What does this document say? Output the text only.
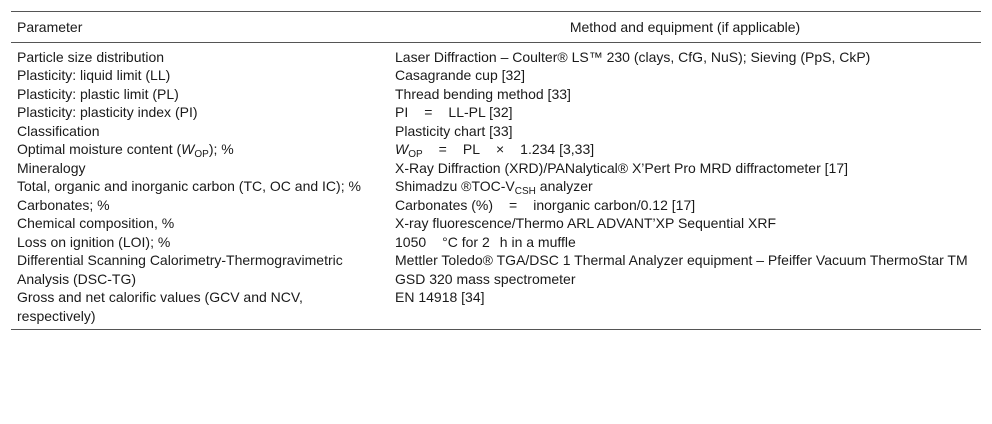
Parameter	Method and equipment (if applicable)
Particle size distribution	Laser Diffraction – Coulter® LS™ 230 (clays, CfG, NuS); Sieving (PpS, CkP)
Plasticity: liquid limit (LL)	Casagrande cup [32]
Plasticity: plastic limit (PL)	Thread bending method [33]
Plasticity: plasticity index (PI)	PI = LL-PL [32]
Classification	Plasticity chart [33]
Optimal moisture content $(W_{OP})$; %	$W_{OP}$ = PL × 1.234 [3,33]
Mineralogy	X-Ray Diffraction (XRD)/PANalytical® X’Pert Pro MRD diffractometer [17]
Total, organic and inorganic carbon (TC, OC and IC); %	Shimadzu $®TOC-V_{CSH}$ analyzer
Carbonates; %	Carbonates (%) = inorganic carbon/0.12 [17]
Chemical composition, %	X-ray fluorescence/Thermo ARL ADVANT’XP Sequential XRF
Loss on ignition (LOI); %	1050 °C for 2 h in a muffle
Differential Scanning Calorimetry-Thermogravimetric Analysis (DSC-TG)	Mettler Toledo® TGA/DSC 1 Thermal Analyzer equipment – Pfeiffer Vacuum ThermoStar TM GSD 320 mass spectrometer
Gross and net calorific values (GCV and NCV, respectively)	EN 14918 [34]
